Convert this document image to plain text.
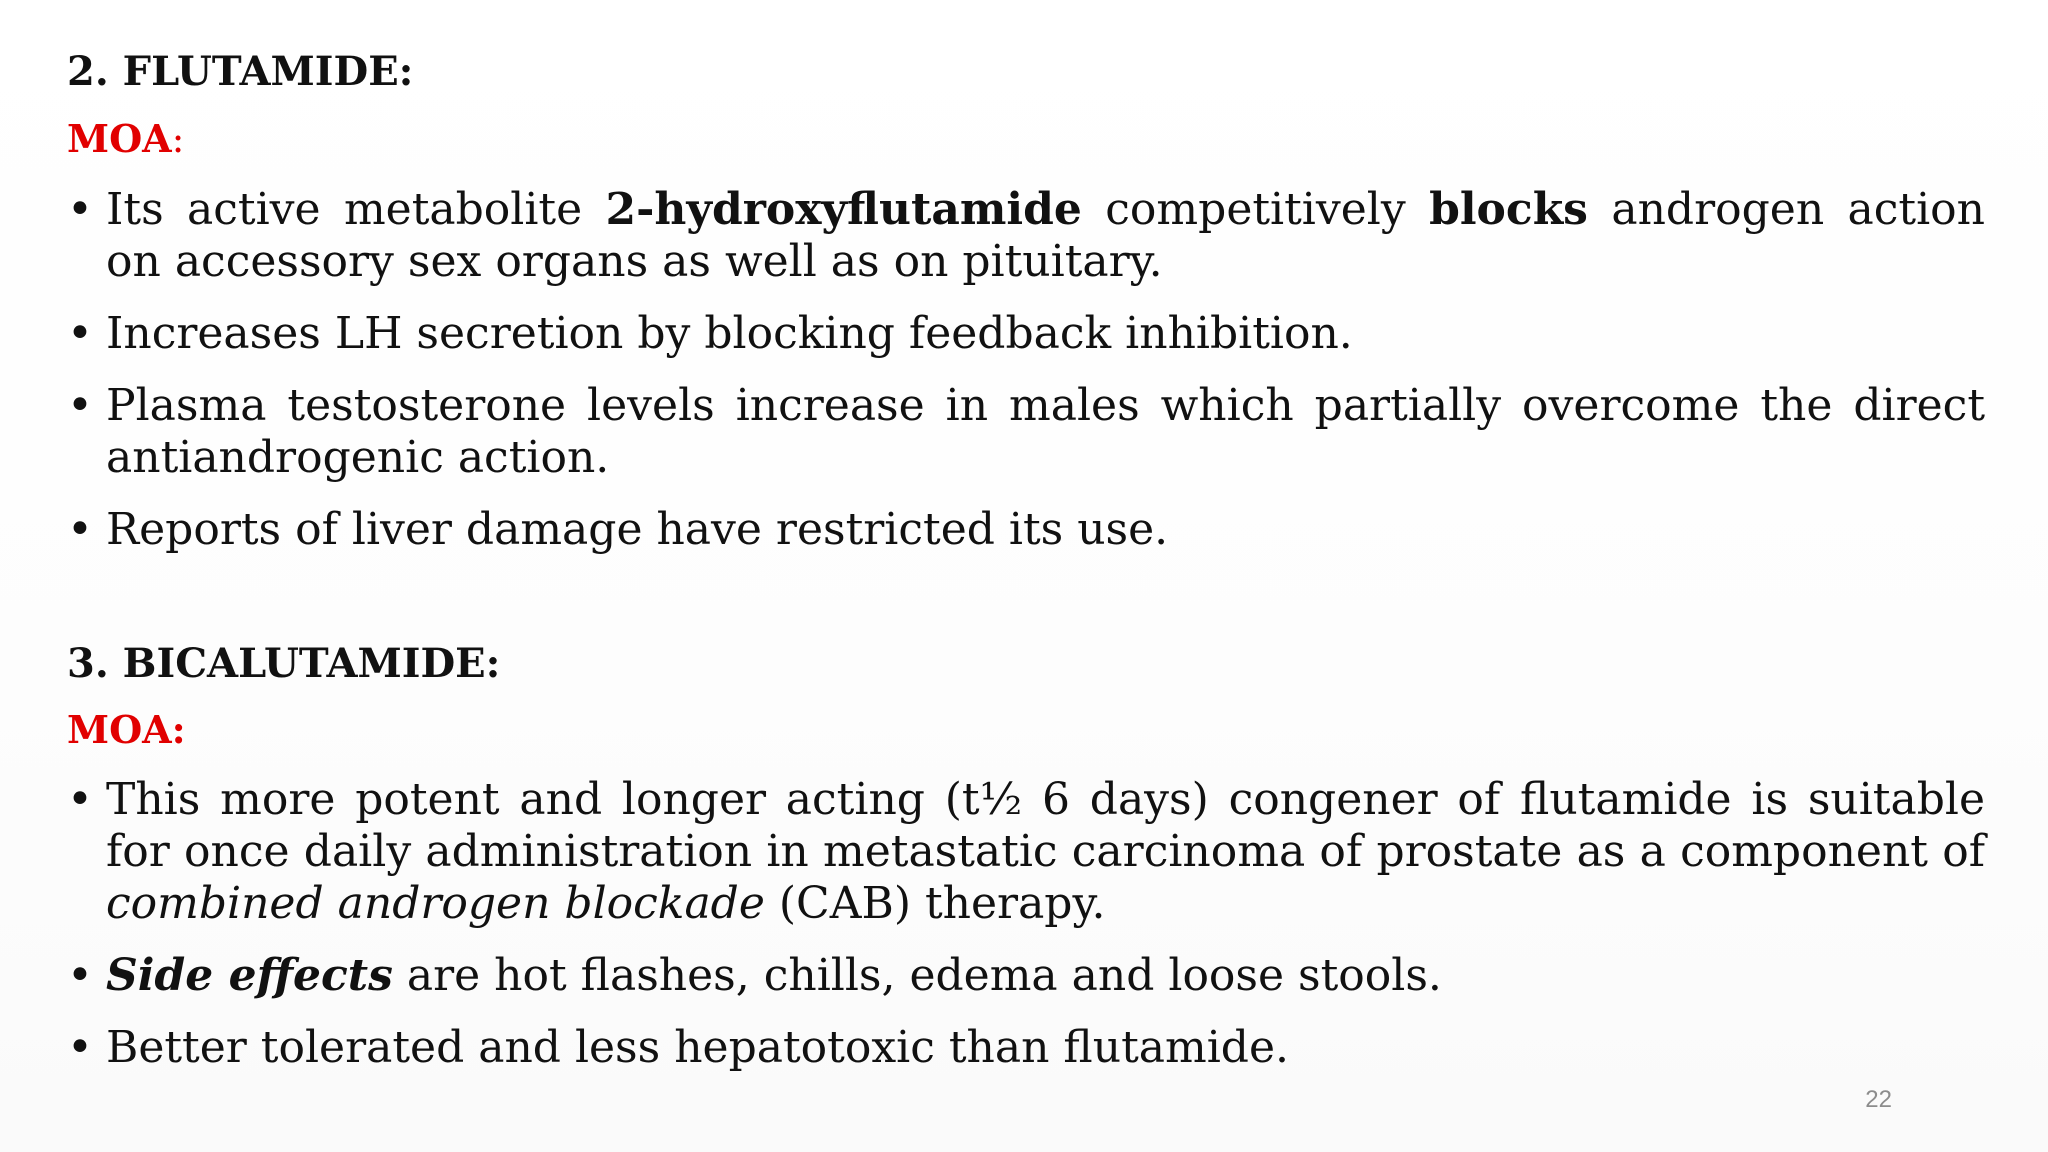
2. FLUTAMIDE:
MOA:
• Its active metabolite 2-hydroxyflutamide competitively blocks androgen action on accessory sex organs as well as on pituitary.
• Increases LH secretion by blocking feedback inhibition.
• Plasma testosterone levels increase in males which partially overcome the direct antiandrogenic action.
• Reports of liver damage have restricted its use.
3. BICALUTAMIDE:
MOA:
• This more potent and longer acting (t½ 6 days) congener of flutamide is suitable for once daily administration in metastatic carcinoma of prostate as a component of combined androgen blockade (CAB) therapy.
• Side effects are hot flashes, chills, edema and loose stools.
• Better tolerated and less hepatotoxic than flutamide.
22
